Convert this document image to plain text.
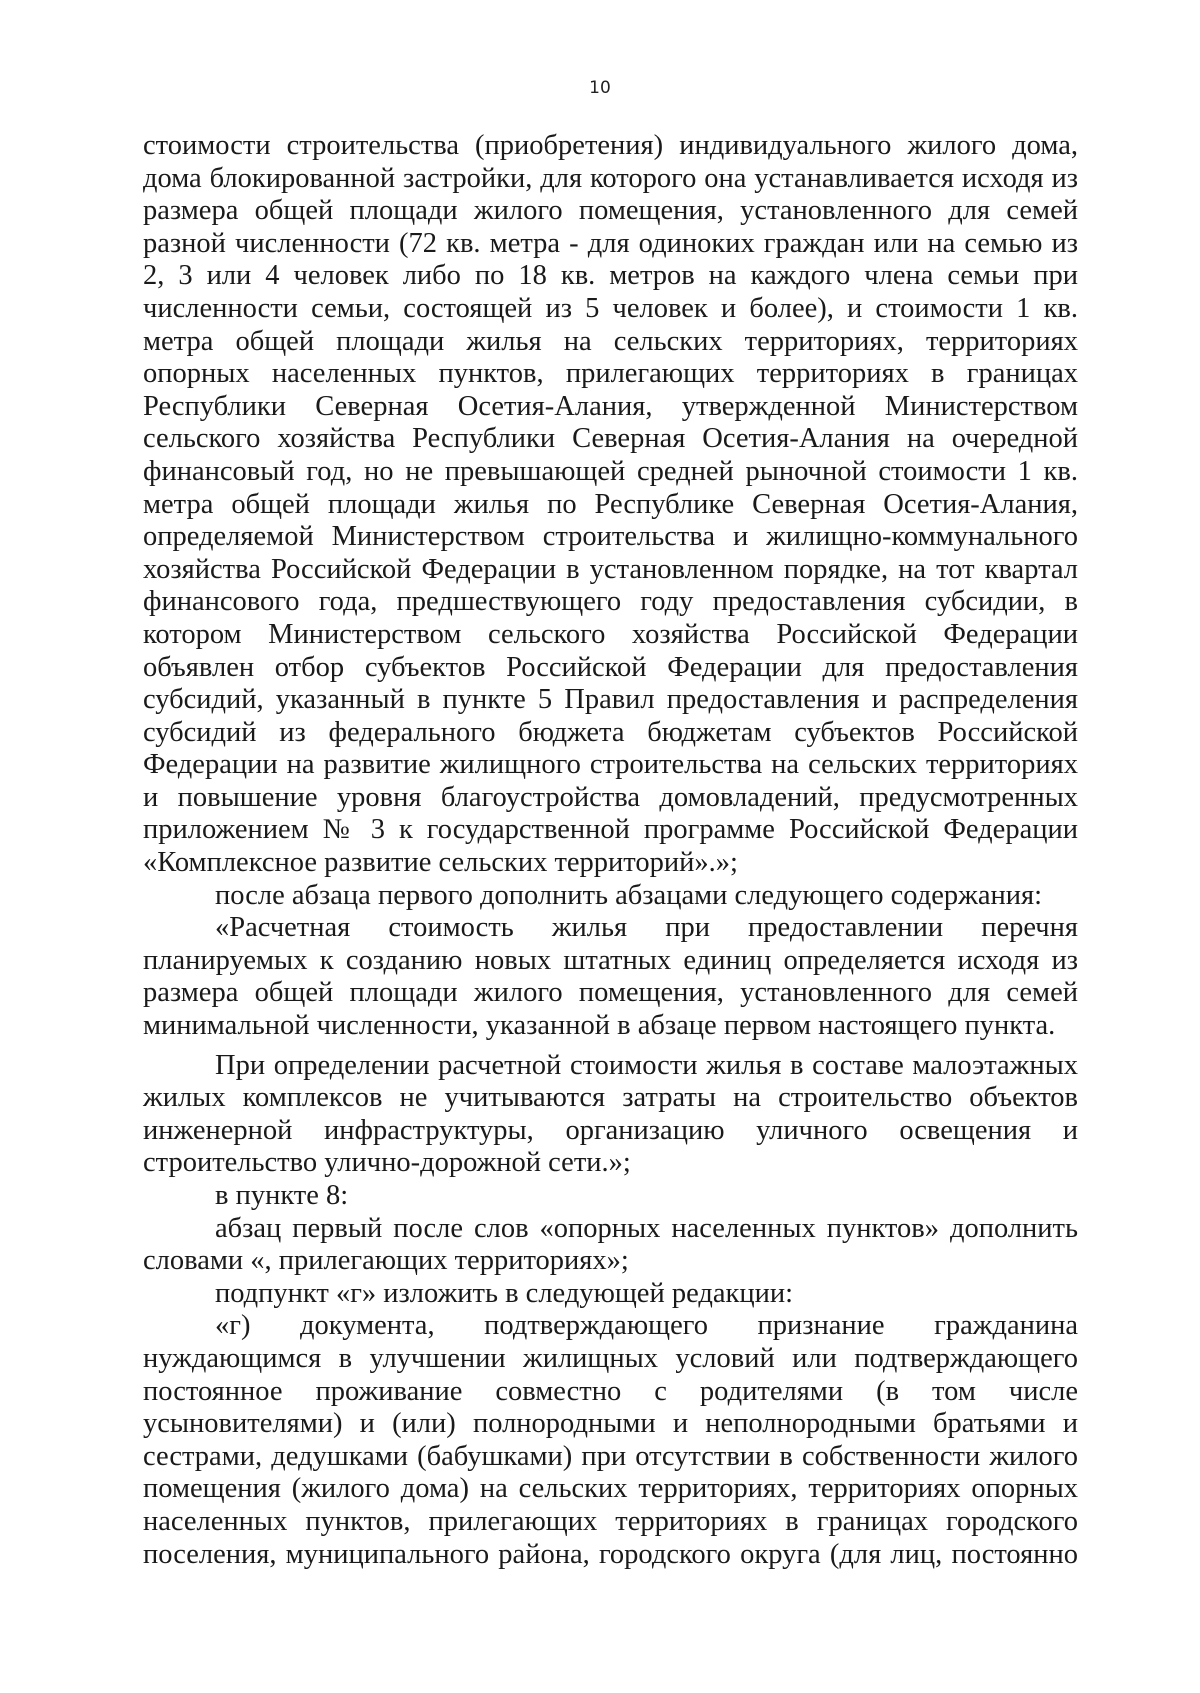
10

стоимости строительства (приобретения) индивидуального жилого дома, дома блокированной застройки, для которого она устанавливается исходя из размера общей площади жилого помещения, установленного для семей разной численности (72 кв. метра - для одиноких граждан или на семью из 2, 3 или 4 человек либо по 18 кв. метров на каждого члена семьи при численности семьи, состоящей из 5 человек и более), и стоимости 1 кв. метра общей площади жилья на сельских территориях, территориях опорных населенных пунктов, прилегающих территориях в границах Республики Северная Осетия-Алания, утвержденной Министерством сельского хозяйства Республики Северная Осетия-Алания на очередной финансовый год, но не превышающей средней рыночной стоимости 1 кв. метра общей площади жилья по Республике Северная Осетия-Алания, определяемой Министерством строительства и жилищно-коммунального хозяйства Российской Федерации в установленном порядке, на тот квартал финансового года, предшествующего году предоставления субсидии, в котором Министерством сельского хозяйства Российской Федерации объявлен отбор субъектов Российской Федерации для предоставления субсидий, указанный в пункте 5 Правил предоставления и распределения субсидий из федерального бюджета бюджетам субъектов Российской Федерации на развитие жилищного строительства на сельских территориях и повышение уровня благоустройства домовладений, предусмотренных приложением № 3 к государственной программе Российской Федерации «Комплексное развитие сельских территорий».»;

после абзаца первого дополнить абзацами следующего содержания:

«Расчетная стоимость жилья при предоставлении перечня планируемых к созданию новых штатных единиц определяется исходя из размера общей площади жилого помещения, установленного для семей минимальной численности, указанной в абзаце первом настоящего пункта.

При определении расчетной стоимости жилья в составе малоэтажных жилых комплексов не учитываются затраты на строительство объектов инженерной инфраструктуры, организацию уличного освещения и строительство улично-дорожной сети.»;

в пункте 8:

абзац первый после слов «опорных населенных пунктов» дополнить словами «, прилегающих территориях»;

подпункт «г» изложить в следующей редакции:

«г) документа, подтверждающего признание гражданина нуждающимся в улучшении жилищных условий или подтверждающего постоянное проживание совместно с родителями (в том числе усыновителями) и (или) полнородными и неполнородными братьями и сестрами, дедушками (бабушками) при отсутствии в собственности жилого помещения (жилого дома) на сельских территориях, территориях опорных населенных пунктов, прилегающих территориях в границах городского поселения, муниципального района, городского округа (для лиц, постоянно
